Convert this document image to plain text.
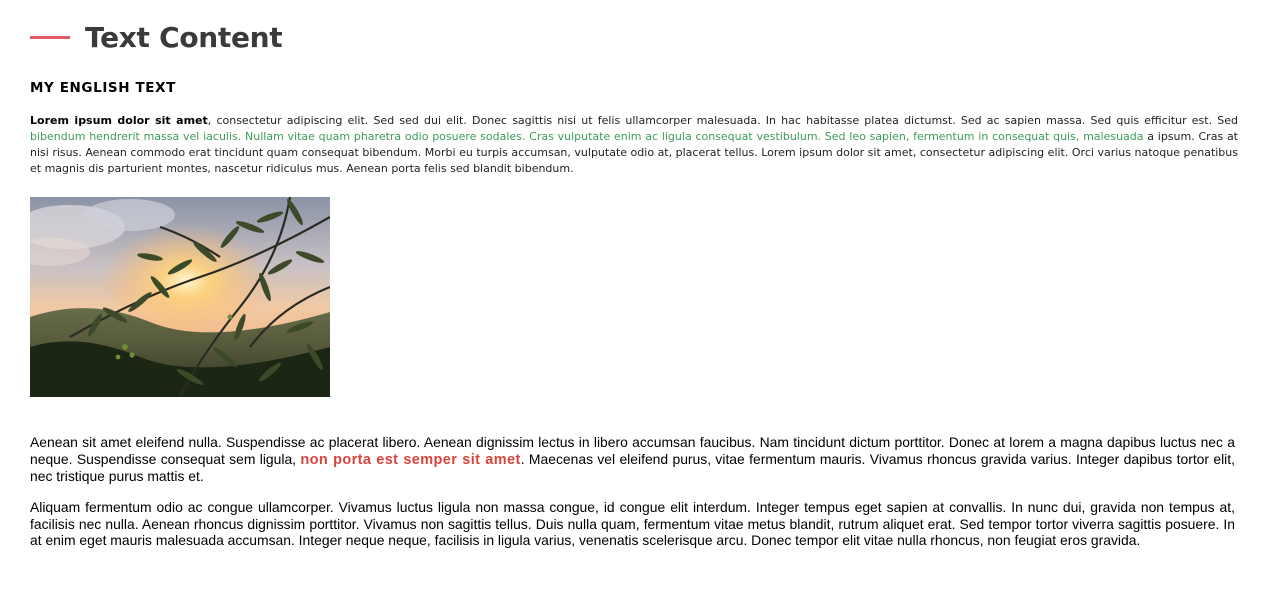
Text Content
MY ENGLISH TEXT

Lorem ipsum dolor sit amet, consectetur adipiscing elit. Sed sed dui elit. Donec sagittis nisi ut felis ullamcorper malesuada. In hac habitasse platea dictumst. Sed ac sapien massa. Sed quis efficitur est. Sed bibendum hendrerit massa vel iaculis. Nullam vitae quam pharetra odio posuere sodales. Cras vulputate enim ac ligula consequat vestibulum. Sed leo sapien, fermentum in consequat quis, malesuada a ipsum. Cras at nisi risus. Aenean commodo erat tincidunt quam consequat bibendum. Morbi eu turpis accumsan, vulputate odio at, placerat tellus. Lorem ipsum dolor sit amet, consectetur adipiscing elit. Orci varius natoque penatibus et magnis dis parturient montes, nascetur ridiculus mus. Aenean porta felis sed blandit bibendum.

Aenean sit amet eleifend nulla. Suspendisse ac placerat libero. Aenean dignissim lectus in libero accumsan faucibus. Nam tincidunt dictum porttitor. Donec at lorem a magna dapibus luctus nec a neque. Suspendisse consequat sem ligula, non porta est semper sit amet. Maecenas vel eleifend purus, vitae fermentum mauris. Vivamus rhoncus gravida varius. Integer dapibus tortor elit, nec tristique purus mattis et.

Aliquam fermentum odio ac congue ullamcorper. Vivamus luctus ligula non massa congue, id congue elit interdum. Integer tempus eget sapien at convallis. In nunc dui, gravida non tempus at, facilisis nec nulla. Aenean rhoncus dignissim porttitor. Vivamus non sagittis tellus. Duis nulla quam, fermentum vitae metus blandit, rutrum aliquet erat. Sed tempor tortor viverra sagittis posuere. In at enim eget mauris malesuada accumsan. Integer neque neque, facilisis in ligula varius, venenatis scelerisque arcu. Donec tempor elit vitae nulla rhoncus, non feugiat eros gravida.
